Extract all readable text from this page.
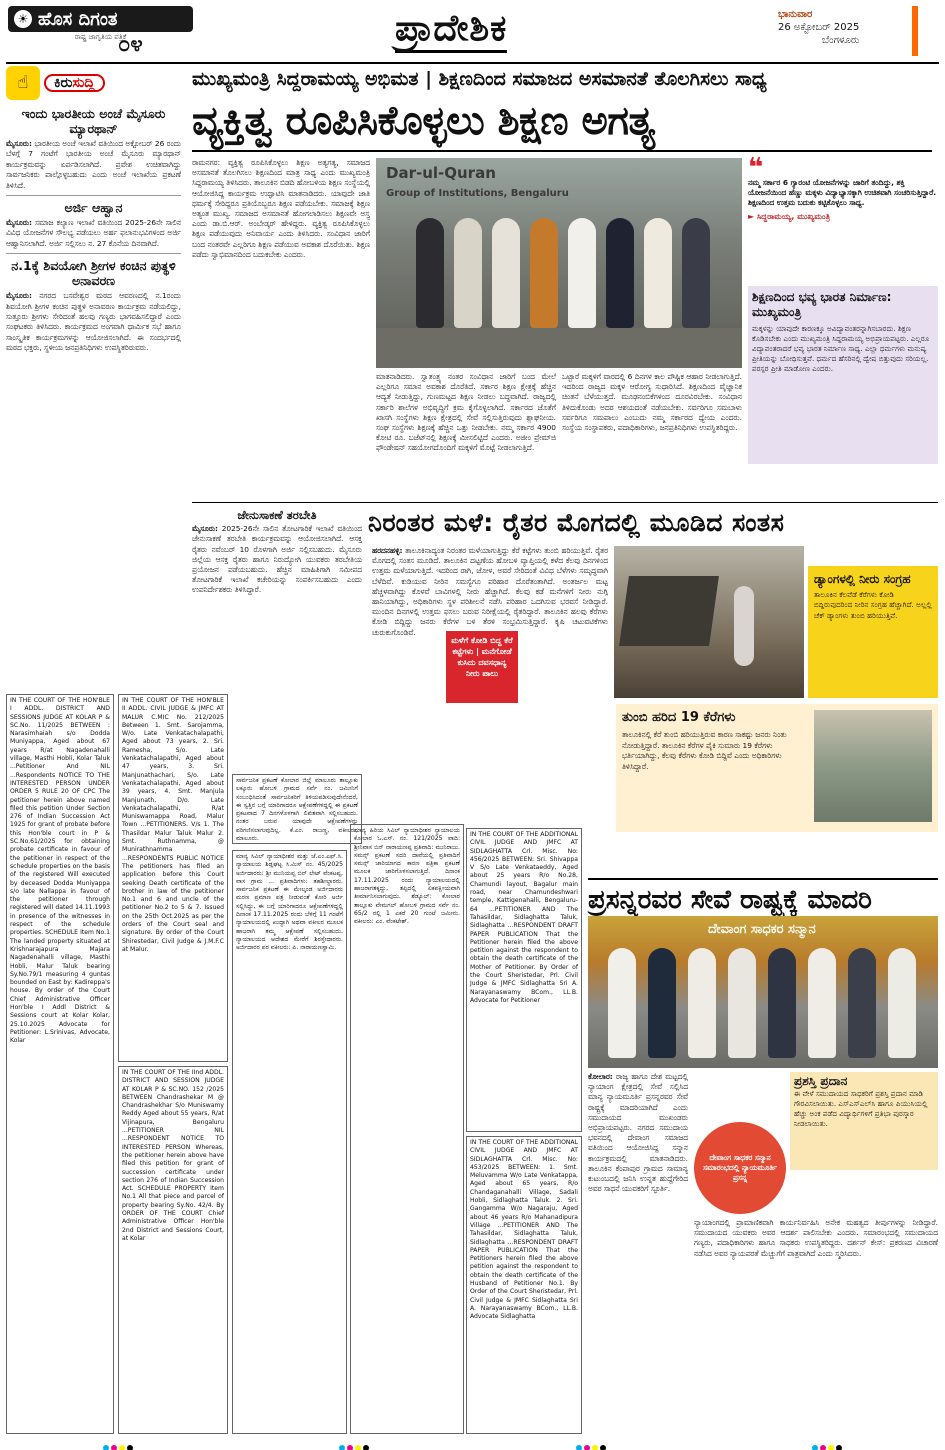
☀ ಹೊಸ ದಿಗಂತ
ರಾಷ್ಟ್ರ ಜಾಗೃತಿಯ ಪತ್ರಿಕೆ
೦೪	ಪ್ರಾದೇಶಿಕ	ಭಾನುವಾರ
26 ಅಕ್ಟೋಬರ್ 2025
ಬೆಂಗಳೂರು
☝	ಕಿರುಸುದ್ದಿ
ಇಂದು ಭಾರತೀಯ ಅಂಚೆ ಮೈಸೂರು ಮ್ಯಾರಥಾನ್
ಮೈಸೂರು: ಭಾರತೀಯ ಅಂಚೆ ಇಲಾಖೆ ವತಿಯಿಂದ ಅಕ್ಟೋಬರ್ 26 ರಂದು ಬೆಳಗ್ಗೆ 7 ಗಂಟೆಗೆ ಭಾರತೀಯ ಅಂಚೆ ಮೈಸೂರು ಮ್ಯಾರಥಾನ್ ಕಾರ್ಯಕ್ರಮವನ್ನು ಏರ್ಪಡಿಸಲಾಗಿದೆ. ಪ್ರವೇಶ ಉಚಿತವಾಗಿದ್ದು ಸಾರ್ವಜನಿಕರು ಪಾಲ್ಗೊಳ್ಳಬಹುದು ಎಂದು ಅಂಚೆ ಇಲಾಖೆಯ ಪ್ರಕಟಣೆ ತಿಳಿಸಿದೆ.
ಅರ್ಜಿ ಆಹ್ವಾನ
ಮೈಸೂರು: ಸಮಾಜ ಕಲ್ಯಾಣ ಇಲಾಖೆ ವತಿಯಿಂದ 2025-26ನೇ ಸಾಲಿನ ವಿವಿಧ ಯೋಜನೆಗಳ ಸೌಲಭ್ಯ ಪಡೆಯಲು ಅರ್ಹ ಫಲಾನುಭವಿಗಳಿಂದ ಅರ್ಜಿ ಆಹ್ವಾನಿಸಲಾಗಿದೆ. ಅರ್ಜಿ ಸಲ್ಲಿಸಲು ನ. 27 ಕೊನೆಯ ದಿನವಾಗಿದೆ.
ನ.1ಕ್ಕೆ ಶಿವಯೋಗಿ ಶ್ರೀಗಳ ಕಂಚಿನ ಪುತ್ಥಳಿ ಅನಾವರಣ
ಮೈಸೂರು: ನಗರದ ಬಸವೇಶ್ವರ ಮಠದ ಆವರಣದಲ್ಲಿ ನ.1ರಂದು ಶಿವಯೋಗಿ ಶ್ರೀಗಳ ಕಂಚಿನ ಪುತ್ಥಳಿ ಅನಾವರಣ ಕಾರ್ಯಕ್ರಮ ನಡೆಯಲಿದ್ದು, ಸುತ್ತೂರು ಶ್ರೀಗಳು ಸೇರಿದಂತೆ ಹಲವು ಗಣ್ಯರು ಭಾಗವಹಿಸಲಿದ್ದಾರೆ ಎಂದು ಸಂಘಟಕರು ತಿಳಿಸಿದರು. ಕಾರ್ಯಕ್ರಮದ ಅಂಗವಾಗಿ ಧಾರ್ಮಿಕ ಸಭೆ ಹಾಗೂ ಸಾಂಸ್ಕೃತಿಕ ಕಾರ್ಯಕ್ರಮಗಳನ್ನು ಆಯೋಜಿಸಲಾಗಿದೆ. ಈ ಸಂದರ್ಭದಲ್ಲಿ ಮಠದ ಭಕ್ತರು, ಸ್ಥಳೀಯ ಜನಪ್ರತಿನಿಧಿಗಳು ಉಪಸ್ಥಿತರಿರುವರು.
ಮುಖ್ಯಮಂತ್ರಿ ಸಿದ್ದರಾಮಯ್ಯ ಅಭಿಮತ | ಶಿಕ್ಷಣದಿಂದ ಸಮಾಜದ ಅಸಮಾನತೆ ತೊಲಗಿಸಲು ಸಾಧ್ಯ
ವ್ಯಕ್ತಿತ್ವ ರೂಪಿಸಿಕೊಳ್ಳಲು ಶಿಕ್ಷಣ ಅಗತ್ಯ
ರಾಮನಗರ: ವ್ಯಕ್ತಿತ್ವ ರೂಪಿಸಿಕೊಳ್ಳಲು ಶಿಕ್ಷಣ ಅತ್ಯಗತ್ಯ, ಸಮಾಜದ ಅಸಮಾನತೆ ತೊಲಗಿಸಲು ಶಿಕ್ಷಣದಿಂದ ಮಾತ್ರ ಸಾಧ್ಯ ಎಂದು ಮುಖ್ಯಮಂತ್ರಿ ಸಿದ್ದರಾಮಯ್ಯ ತಿಳಿಸಿದರು. ತಾಲೂಕಿನ ಬಿಡದಿ ಹೋಬಳಿಯ ಶಿಕ್ಷಣ ಸಂಸ್ಥೆಯಲ್ಲಿ ಆಯೋಜಿಸಿದ್ದ ಕಾರ್ಯಕ್ರಮ ಉದ್ಘಾಟಿಸಿ ಮಾತನಾಡಿದರು. ಯಾವುದೇ ಜಾತಿ ಧರ್ಮಕ್ಕೆ ಸೇರಿದ್ದರೂ ಪ್ರತಿಯೊಬ್ಬರೂ ಶಿಕ್ಷಣ ಪಡೆಯಬೇಕು. ಸಮಾಜಕ್ಕೆ ಶಿಕ್ಷಣ ಅತ್ಯಂತ ಮುಖ್ಯ. ಸಮಾಜದ ಅಸಮಾನತೆ ಹೋಗಲಾಡಿಸಲು ಶಿಕ್ಷಣವೇ ಅಸ್ತ್ರ ಎಂದು ಡಾ.ಬಿ.ಆರ್. ಅಂಬೇಡ್ಕರ್ ಹೇಳಿದ್ದರು. ವ್ಯಕ್ತಿತ್ವ ರೂಪಿಸಿಕೊಳ್ಳಲು ಶಿಕ್ಷಣ ಪಡೆಯುವುದು ಅನಿವಾರ್ಯ ಎಂದು ತಿಳಿಸಿದರು. ಸಂವಿಧಾನ ಜಾರಿಗೆ ಬಂದ ನಂತರವೇ ಎಲ್ಲರಿಗೂ ಶಿಕ್ಷಣ ಪಡೆಯುವ ಅವಕಾಶ ದೊರೆಯಿತು. ಶಿಕ್ಷಣ ಪಡೆದು ಸ್ವಾಭಿಮಾನದಿಂದ ಬದುಕಬೇಕು ಎಂದರು.
Dar-ul-Quran
Group of Institutions, Bengaluru
ಮಾತನಾಡಿದರು. ಸ್ವಾತಂತ್ರ್ಯ ನಂತರ ಸಂವಿಧಾನ ಜಾರಿಗೆ ಬಂದ ಮೇಲೆ ಎಲ್ಲರಿಗೂ ಸಮಾನ ಅವಕಾಶ ದೊರೆತಿದೆ. ಸರ್ಕಾರ ಶಿಕ್ಷಣ ಕ್ಷೇತ್ರಕ್ಕೆ ಹೆಚ್ಚಿನ ಆದ್ಯತೆ ನೀಡುತ್ತಿದ್ದು, ಗುಣಮಟ್ಟದ ಶಿಕ್ಷಣ ನೀಡಲು ಬದ್ಧವಾಗಿದೆ. ರಾಜ್ಯದಲ್ಲಿ ಸರ್ಕಾರಿ ಶಾಲೆಗಳ ಅಭಿವೃದ್ಧಿಗೆ ಕ್ರಮ ಕೈಗೊಳ್ಳಲಾಗಿದೆ. ಸರ್ಕಾರದ ಜೊತೆಗೆ ಖಾಸಗಿ ಸಂಸ್ಥೆಗಳು ಶಿಕ್ಷಣ ಕ್ಷೇತ್ರದಲ್ಲಿ ಸೇವೆ ಸಲ್ಲಿಸುತ್ತಿರುವುದು ಶ್ಲಾಘನೀಯ. ಸಂಘ ಸಂಸ್ಥೆಗಳು ಶಿಕ್ಷಣಕ್ಕೆ ಹೆಚ್ಚಿನ ಒತ್ತು ನೀಡಬೇಕು. ನಮ್ಮ ಸರ್ಕಾರ 4900 ಕೋಟಿ ರೂ. ಬಜೆಟ್‌ನಲ್ಲಿ ಶಿಕ್ಷಣಕ್ಕೆ ಮೀಸಲಿಟ್ಟಿದೆ ಎಂದರು. ಅಜೀಂ ಪ್ರೇಮ್‌ಜಿ ಫೌಂಡೇಷನ್ ಸಹಯೋಗದೊಂದಿಗೆ ಮಕ್ಕಳಿಗೆ ಮೊಟ್ಟೆ ನೀಡಲಾಗುತ್ತಿದೆ.
ಒಟ್ಟಾರೆ ಮಕ್ಕಳಿಗೆ ವಾರದಲ್ಲಿ 6 ದಿನಗಳ ಕಾಲ ಪೌಷ್ಟಿಕ ಆಹಾರ ನೀಡಲಾಗುತ್ತಿದೆ. ಇದರಿಂದ ರಾಜ್ಯದ ಮಕ್ಕಳ ಆರೋಗ್ಯ ಸುಧಾರಿಸಿದೆ. ಶಿಕ್ಷಣದಿಂದ ವೈಜ್ಞಾನಿಕ ಚಿಂತನೆ ಬೆಳೆಯುತ್ತದೆ. ಮೂಢನಂಬಿಕೆಗಳಿಂದ ದೂರವಿರಬೇಕು. ಸಂವಿಧಾನ ತಿಳಿದುಕೊಂಡು ಅದರ ಆಶಯದಂತೆ ನಡೆಯಬೇಕು. ಸರ್ವರಿಗೂ ಸಮಬಾಳು ಸರ್ವರಿಗೂ ಸಮಪಾಲು ಎಂಬುದು ನಮ್ಮ ಸರ್ಕಾರದ ಧ್ಯೇಯ ಎಂದರು. ಸಂಸ್ಥೆಯ ಸಂಸ್ಥಾಪಕರು, ಪದಾಧಿಕಾರಿಗಳು, ಜನಪ್ರತಿನಿಧಿಗಳು ಉಪಸ್ಥಿತರಿದ್ದರು.
❝
ನಮ್ಮ ಸರ್ಕಾರ 6 ಗ್ಯಾರಂಟಿ ಯೋಜನೆಗಳನ್ನು ಜಾರಿಗೆ ತಂದಿದ್ದು, ಶಕ್ತಿ ಯೋಜನೆಯಿಂದ ಹೆಣ್ಣು ಮಕ್ಕಳು ವಿದ್ಯಾಭ್ಯಾಸಕ್ಕಾಗಿ ಉಚಿತವಾಗಿ ಸಂಚರಿಸುತ್ತಿದ್ದಾರೆ. ಶಿಕ್ಷಣದಿಂದ ಉತ್ತಮ ಬದುಕು ಕಟ್ಟಿಕೊಳ್ಳಲು ಸಾಧ್ಯ.
► ಸಿದ್ದರಾಮಯ್ಯ, ಮುಖ್ಯಮಂತ್ರಿ
ಶಿಕ್ಷಣದಿಂದ ಭವ್ಯ ಭಾರತ ನಿರ್ಮಾಣ: ಮುಖ್ಯಮಂತ್ರಿ
ಮಕ್ಕಳನ್ನು ಯಾವುದೇ ಕಾರಣಕ್ಕೂ ಅವಿದ್ಯಾವಂತರನ್ನಾಗಿಸಬಾರದು. ಶಿಕ್ಷಣ ಕೊಡಿಸಬೇಕು ಎಂದು ಮುಖ್ಯಮಂತ್ರಿ ಸಿದ್ದರಾಮಯ್ಯ ಅಭಿಪ್ರಾಯಪಟ್ಟರು. ಎಲ್ಲರೂ ವಿದ್ಯಾವಂತರಾದರೆ ಭವ್ಯ ಭಾರತ ನಿರ್ಮಾಣ ಸಾಧ್ಯ. ಎಲ್ಲಾ ಧರ್ಮಗಳು ಮನುಷ್ಯ ಪ್ರೀತಿಯನ್ನು ಬೋಧಿಸುತ್ತವೆ. ಧರ್ಮದ ಹೆಸರಿನಲ್ಲಿ ದ್ವೇಷ ಬಿತ್ತುವುದು ಸರಿಯಲ್ಲ. ಪರಸ್ಪರ ಪ್ರೀತಿ ಮಾಡೋಣ ಎಂದರು.
ಜೇನುಸಾಕಣೆ ತರಬೇತಿ
ಮೈಸೂರು: 2025-26ನೇ ಸಾಲಿನ ತೋಟಗಾರಿಕೆ ಇಲಾಖೆ ವತಿಯಿಂದ ಜೇನುಸಾಕಣೆ ತರಬೇತಿ ಕಾರ್ಯಕ್ರಮವನ್ನು ಆಯೋಜಿಸಲಾಗಿದೆ. ಆಸಕ್ತ ರೈತರು ನವೆಂಬರ್ 10 ರೊಳಗಾಗಿ ಅರ್ಜಿ ಸಲ್ಲಿಸಬಹುದು. ಮೈಸೂರು ಜಿಲ್ಲೆಯ ಆಸಕ್ತ ರೈತರು ಹಾಗೂ ನಿರುದ್ಯೋಗಿ ಯುವಕರು ತರಬೇತಿಯ ಪ್ರಯೋಜನ ಪಡೆಯಬಹುದು. ಹೆಚ್ಚಿನ ಮಾಹಿತಿಗಾಗಿ ಸಮೀಪದ ತೋಟಗಾರಿಕೆ ಇಲಾಖೆ ಕಚೇರಿಯನ್ನು ಸಂಪರ್ಕಿಸಬಹುದು ಎಂದು ಉಪನಿರ್ದೇಶಕರು ತಿಳಿಸಿದ್ದಾರೆ.
ನಿರಂತರ ಮಳೆ: ರೈತರ ಮೊಗದಲ್ಲಿ ಮೂಡಿದ ಸಂತಸ
ಹರದನಹಳ್ಳಿ: ತಾಲೂಕಿನಾದ್ಯಂತ ನಿರಂತರ ಮಳೆಯಾಗುತ್ತಿದ್ದು ಕೆರೆ ಕಟ್ಟೆಗಳು ತುಂಬಿ ಹರಿಯುತ್ತಿವೆ. ರೈತರ ಮೊಗದಲ್ಲಿ ಸಂತಸ ಮೂಡಿದೆ. ತಾಲೂಕಿನ ದಟ್ಟಣೆಯ ಹೋಬಳಿ ವ್ಯಾಪ್ತಿಯಲ್ಲಿ ಕಳೆದ ಕೆಲವು ದಿನಗಳಿಂದ ಉತ್ತಮ ಮಳೆಯಾಗುತ್ತಿದೆ. ಇದರಿಂದ ರಾಗಿ, ಜೋಳ, ಅವರೆ ಸೇರಿದಂತೆ ವಿವಿಧ ಬೆಳೆಗಳು ಸಮೃದ್ಧವಾಗಿ ಬೆಳೆದಿವೆ. ಕುಡಿಯುವ ನೀರಿನ ಸಮಸ್ಯೆಗೂ ಪರಿಹಾರ ದೊರೆತಂತಾಗಿದೆ. ಅಂತರ್ಜಲ ಮಟ್ಟ ಹೆಚ್ಚಳವಾಗಿದ್ದು ಕೊಳವೆ ಬಾವಿಗಳಲ್ಲಿ ನೀರು ಹೆಚ್ಚಾಗಿದೆ. ಕೆಲವು ಕಡೆ ಮನೆಗಳಿಗೆ ನೀರು ನುಗ್ಗಿ ಹಾನಿಯಾಗಿದ್ದು, ಅಧಿಕಾರಿಗಳು ಸ್ಥಳ ಪರಿಶೀಲನೆ ನಡೆಸಿ ಪರಿಹಾರ ಒದಗಿಸುವ ಭರವಸೆ ನೀಡಿದ್ದಾರೆ. ಮುಂದಿನ ದಿನಗಳಲ್ಲಿ ಉತ್ತಮ ಫಸಲು ಬರುವ ನಿರೀಕ್ಷೆಯಲ್ಲಿ ರೈತರಿದ್ದಾರೆ. ತಾಲೂಕಿನ ಹಲವು ಕೆರೆಗಳು ಕೋಡಿ ಬಿದ್ದಿದ್ದು ಜನರು ಕೆರೆಗಳ ಬಳಿ ತೆರಳಿ ಸಂಭ್ರಮಿಸುತ್ತಿದ್ದಾರೆ. ಕೃಷಿ ಚಟುವಟಿಕೆಗಳು ಚುರುಕುಗೊಂಡಿವೆ.
ಮಳೆಗೆ ಕೋಡಿ ಬಿದ್ದ ಕೆರೆ ಕಟ್ಟೆಗಳು | ಮನೆಗೋಡೆ ಕುಸಿದು ದವಸಧಾನ್ಯ ನೀರು ಪಾಲು
ಡ್ಯಾಂಗಳಲ್ಲಿ ನೀರು ಸಂಗ್ರಹ
ತಾಲೂಕಿನ ಕೆಲವೆಡೆ ಕೆರೆಗಳು ಕೋಡಿ ಬಿದ್ದಿರುವುದರಿಂದ ನೀರಿನ ಸಂಗ್ರಹ ಹೆಚ್ಚಾಗಿದೆ. ಅಲ್ಲಲ್ಲಿ ಚೆಕ್ ಡ್ಯಾಂಗಳು ತುಂಬಿ ಹರಿಯುತ್ತಿವೆ.
ತುಂಬಿ ಹರಿದ 19 ಕೆರೆಗಳು
ತಾಲೂಕಿನಲ್ಲಿ ಕೆರೆ ತುಂಬಿ ಹರಿಯುತ್ತಿರುವ ಕಾರಣ ಸಾಕಷ್ಟು ಜನರು ನಿಂತು ನೋಡುತ್ತಿದ್ದಾರೆ. ತಾಲೂಕಿನ ಕೆರೆಗಳ ಪೈಕಿ ಸುಮಾರು 19 ಕೆರೆಗಳು ಭರ್ತಿಯಾಗಿದ್ದು, ಕೆಲವು ಕೆರೆಗಳು ಕೋಡಿ ಬಿದ್ದಿವೆ ಎಂದು ಅಧಿಕಾರಿಗಳು ತಿಳಿಸಿದ್ದಾರೆ.
IN THE COURT OF THE HON'BLE I ADDL. DISTRICT AND SESSIONS JUDGE AT KOLAR P & SC.No. 11/2025 BETWEEN : Narasimhaiah s/o Dodda Muniyappa, Aged about 67 years R/at Nagadenahalli village, Masthi Hobli, Kolar Taluk ...Petitioner And NIL ...Respondents NOTICE TO THE INTERESTED PERSON UNDER ORDER 5 RULE 20 OF CPC The petitioner herein above named filed this petition Under Section 276 of Indian Succession Act 1925 for grant of probate before this Hon'ble court in P & SC.No.61/2025 for obtaining probate certificate in favour of the petitioner in respect of the schedule properties on the basis of the registered Will executed by deceased Dodda Muniyappa s/o late Nallappa in favour of the petitioner through registered will dated 14.11.1993 in presence of the witnesses in respect of the schedule properties. SCHEDULE Item No.1 The landed property situated at Krishnarajapura Majara Nagadenahalli village, Masthi Hobli, Malur Taluk bearing Sy.No.79/1 measuring 4 guntas bounded on East by: Kadireppa's house. By order of the Court Chief Administrative Officer Hon'ble I Addl District & Sessions court at Kolar Kolar, 25.10.2025 Advocate for Petitioner: L.Srinivas, Advocate, Kolar
IN THE COURT OF THE HON'BLE II ADDL. CIVIL JUDGE & JMFC AT MALUR C.MIC No. 212/2025 Between 1. Smt. Sarojamma, W/o. Late Venkatachalapathi, Aged about 73 years, 2. Sri. Ramesha, S/o. Late Venkatachalapathi, Aged about 47 years, 3. Sri. Manjunathachari, S/o. Late Venkatachalapathi, Aged about 39 years, 4. Smt. Manjula Manjunath, D/o. Late Venkatachalapathi, R/at Muniswamappa Road, Malur Town ...PETITIONERS. V/s 1. The Thasildar Malur Taluk Malur 2. Smt. Ruthnamma, @ Munirathnamma ...RESPONDENTS PUBLIC NOTICE The petitioners has filed an application before this Court seeking Death certificate of the brother in law of the petitioner No.1 and 6 and uncle of the petitioner No.2 to 5 & 7. Issued on the 25th Oct.2025 as per the orders of the Court seal and signature. By order of the Court Shirestedar, Civil Judge & J.M.F.C at Malur.
IN THE COURT OF THE IInd ADDL. DISTRICT AND SESSION JUDGE AT KOLAR P & SC.NO. 152 /2025 BETWEEN Chandrashekar M @ Chandrashekhar S/o Muniswamy Reddy Aged about 55 years, R/at Vijinapura, Bengaluru ...PETITIONER NIL ...RESPONDENT NOTICE TO INTERESTED PERSON Whereas, the petitioner herein above have filed this petition for grant of succession certificate under section 276 of Indian Succession Act. SCHEDULE PROPERTY Item No.1 All that piece and parcel of property bearing Sy.No. 42/4. By ORDER OF THE COURT Chief Administrative Officer Hon'ble 2nd District and Sessions Court, at Kolar
ಸಾರ್ವಜನಿಕ ಪ್ರಕಟಣೆ ಕೋಲಾರ ಜಿಲ್ಲೆ ಮಾಲೂರು ತಾಲ್ಲೂಕು ಲಕ್ಕೂರು ಹೋಬಳಿ ಗ್ರಾಮದ ಸರ್ವೆ ನಂ. ಜಮೀನಿಗೆ ಸಂಬಂಧಿಸಿದಂತೆ ಸಾರ್ವಜನಿಕರಿಗೆ ತಿಳಿಯಪಡಿಸುವುದೇನೆಂದರೆ, ಈ ಸ್ವತ್ತಿನ ಬಗ್ಗೆ ಯಾರಿಗಾದರೂ ಆಕ್ಷೇಪಣೆಗಳಿದ್ದಲ್ಲಿ ಈ ಪ್ರಕಟಣೆ ಪ್ರಕಟವಾದ 7 ದಿನಗಳೊಳಗಾಗಿ ಲಿಖಿತವಾಗಿ ಸಲ್ಲಿಸಬಹುದು. ನಂತರ ಬರುವ ಯಾವುದೇ ಆಕ್ಷೇಪಣೆಗಳನ್ನು ಪರಿಗಣಿಸಲಾಗುವುದಿಲ್ಲ. ಕೆ.ಎಂ. ರಾಜಣ್ಣ, ವಕೀಲರು, ಮಾಲೂರು.
ಮಾನ್ಯ ಸಿವಿಲ್ ನ್ಯಾಯಾಧೀಶರ ಮತ್ತು ಜೆ.ಎಂ.ಎಫ್.ಸಿ. ನ್ಯಾಯಾಲಯ ಶಿಡ್ಲಘಟ್ಟ ಸಿ.ಮಿಸ್ ನಂ. 45/2025 ಅರ್ಜಿದಾರರು: ಶ್ರೀ ಮುನಿಯಪ್ಪ ಬಿನ್ ಲೇಟ್ ವೆಂಕಟಪ್ಪ, ವಾಸ ಗ್ರಾಮ ... ಪ್ರತಿವಾದಿಗಳು: ತಹಶೀಲ್ದಾರರು. ಸಾರ್ವಜನಿಕ ಪ್ರಕಟಣೆ ಈ ಮೇಲ್ಕಂಡ ಅರ್ಜಿದಾರರು ಮರಣ ಪ್ರಮಾಣ ಪತ್ರ ನೀಡುವಂತೆ ಕೋರಿ ಅರ್ಜಿ ಸಲ್ಲಿಸಿದ್ದು, ಈ ಬಗ್ಗೆ ಯಾರಿಗಾದರೂ ಆಕ್ಷೇಪಣೆಗಳಿದ್ದಲ್ಲಿ ದಿನಾಂಕ 17.11.2025 ರಂದು ಬೆಳಿಗ್ಗೆ 11 ಗಂಟೆಗೆ ನ್ಯಾಯಾಲಯದಲ್ಲಿ ಖುದ್ದಾಗಿ ಅಥವಾ ವಕೀಲರ ಮೂಲಕ ಹಾಜರಾಗಿ ತಮ್ಮ ಆಕ್ಷೇಪಣೆ ಸಲ್ಲಿಸಬಹುದು. ನ್ಯಾಯಾಲಯದ ಆದೇಶದ ಮೇರೆಗೆ ಶಿರಸ್ತೇದಾರರು. ಅರ್ಜಿದಾರರ ಪರ ವಕೀಲರು: ಪಿ. ನಾರಾಯಣಸ್ವಾಮಿ.
ಮಾನ್ಯ ಹಿರಿಯ ಸಿವಿಲ್ ನ್ಯಾಯಾಧೀಶರ ನ್ಯಾಯಾಲಯ ಕೋಲಾರ ಓ.ಎಸ್. ನಂ. 121/2025 ವಾದಿ: ಶ್ರೀನಿವಾಸ ಬಿನ್ ನಾರಾಯಣಪ್ಪ ಪ್ರತಿವಾದಿ: ಮುನಿರಾಜು. ಸಮನ್ಸ್ ಪ್ರಕಟಣೆ ಸದರಿ ದಾವೆಯಲ್ಲಿ ಪ್ರತಿವಾದಿಗೆ ಸಮನ್ಸ್ ಜಾರಿಯಾಗದ ಕಾರಣ ಪತ್ರಿಕಾ ಪ್ರಕಟಣೆ ಮೂಲಕ ಜಾರಿಗೊಳಿಸಲಾಗುತ್ತಿದೆ. ದಿನಾಂಕ 17.11.2025 ರಂದು ನ್ಯಾಯಾಲಯದಲ್ಲಿ ಹಾಜರಾಗತಕ್ಕದ್ದು, ತಪ್ಪಿದಲ್ಲಿ ಏಕಪಕ್ಷೀಯವಾಗಿ ತೀರ್ಮಾನಿಸಲಾಗುವುದು. ಶೆಡ್ಯೂಲ್: ಕೋಲಾರ ತಾಲ್ಲೂಕು ವೇಮಗಲ್ ಹೋಬಳಿ ಗ್ರಾಮದ ಸರ್ವೆ ನಂ. 65/2 ರಲ್ಲಿ 1 ಎಕರೆ 20 ಗುಂಟೆ ಜಮೀನು. ವಕೀಲರು: ಎಂ. ವೆಂಕಟೇಶ್.
IN THE COURT OF THE ADDITIONAL CIVIL JUDGE AND JMFC AT SIDLAGHATTA Crl. Misc. No: 456/2025 BETWEEN: Sri. Shivappa V S/o Late Venkataeddy, Aged about 25 years R/o No.28, Chamundi layout, Bagalur main road, near Chamundeshwari temple, Kattigenahalli, Bengaluru-64 ...PETITIONER AND The Tahasildar, Sidlaghatta Taluk, Sidlaghatta ...RESPONDENT DRAFT PAPER PUBLICATION That the Petitioner herein filed the above petition against the respondent to obtain the death certificate of the Mother of Petitioner. By Order of the Court Sheristedar, Prl. Civil Judge & JMFC Sidlaghatta Sri A. Narayanaswamy BCom., LL.B. Advocate for Petitioner
IN THE COURT OF THE ADDITIONAL CIVIL JUDGE AND JMFC AT SIDLAGHATTA Crl. Misc. No: 453/2025 BETWEEN: 1. Smt. Meluvamma W/o Late Venkatappa, Aged about 65 years, R/o Chandaganahalli Village, Sadali Hobli, Sidlaghatta Taluk. 2. Sri. Gangamma W/o Nagaraju, Aged about 46 years R/o Mahanadipura Village ...PETITIONER AND The Tahasildar, Sidlaghatta Taluk, Sidlaghatta ...RESPONDENT DRAFT PAPER PUBLICATION That the Petitioners herein filed the above petition against the respondent to obtain the death certificate of the Husband of Petitioner No.1. By Order of the Court Sheristedar, Prl. Civil Judge & JMFC Sidlaghatta Sri A. Narayanaswamy BCom., LL.B. Advocate Sidlaghatta
ಪ್ರಸನ್ನರವರ ಸೇವೆ ರಾಷ್ಟ್ರಕ್ಕೆ ಮಾದರಿ
ದೇವಾಂಗ ಸಾಧಕರ ಸನ್ಮಾನ
ಕೋಲಾರ: ರಾಜ್ಯ ಹಾಗೂ ದೇಶ ಮಟ್ಟದಲ್ಲಿ ನ್ಯಾಯಾಂಗ ಕ್ಷೇತ್ರದಲ್ಲಿ ಸೇವೆ ಸಲ್ಲಿಸಿದ ಮಾನ್ಯ ನ್ಯಾಯಮೂರ್ತಿ ಪ್ರಸನ್ನರವರ ಸೇವೆ ರಾಷ್ಟ್ರಕ್ಕೆ ಮಾದರಿಯಾಗಿದೆ ಎಂದು ಸಮುದಾಯದ ಮುಖಂಡರು ಅಭಿಪ್ರಾಯಪಟ್ಟರು. ನಗರದ ಸಮುದಾಯ ಭವನದಲ್ಲಿ ದೇವಾಂಗ ಸಮಾಜದ ವತಿಯಿಂದ ಆಯೋಜಿಸಿದ್ದ ಸನ್ಮಾನ ಕಾರ್ಯಕ್ರಮದಲ್ಲಿ ಮಾತನಾಡಿದರು. ತಾಲೂಕಿನ ಕೆಂಪಾಪುರ ಗ್ರಾಮದ ಸಾಮಾನ್ಯ ಕುಟುಂಬದಲ್ಲಿ ಜನಿಸಿ ಉನ್ನತ ಹುದ್ದೆಗೇರಿದ ಅವರ ಸಾಧನೆ ಯುವಕರಿಗೆ ಸ್ಫೂರ್ತಿ.
ದೇವಾಂಗ ಸಾಧಕರ ಸನ್ಮಾನ ಸಮಾರಂಭದಲ್ಲಿ ನ್ಯಾಯಮೂರ್ತಿ ಪ್ರಸನ್ನ
ಪ್ರಶಸ್ತಿ ಪ್ರದಾನ
ಈ ವೇಳೆ ಸಮುದಾಯದ ಸಾಧಕರಿಗೆ ಪ್ರಶಸ್ತಿ ಪ್ರದಾನ ಮಾಡಿ ಗೌರವಿಸಲಾಯಿತು. ಎಸ್‌ಎಸ್‌ಎಲ್‌ಸಿ ಹಾಗೂ ಪಿಯುಸಿಯಲ್ಲಿ ಹೆಚ್ಚು ಅಂಕ ಪಡೆದ ವಿದ್ಯಾರ್ಥಿಗಳಿಗೆ ಪ್ರತಿಭಾ ಪುರಸ್ಕಾರ ನೀಡಲಾಯಿತು.
ನ್ಯಾಯಾಂಗದಲ್ಲಿ ಪ್ರಾಮಾಣಿಕವಾಗಿ ಕಾರ್ಯನಿರ್ವಹಿಸಿ ಅನೇಕ ಮಹತ್ವದ ತೀರ್ಪುಗಳನ್ನು ನೀಡಿದ್ದಾರೆ. ಸಮುದಾಯದ ಯುವಕರು ಅವರ ಆದರ್ಶ ಪಾಲಿಸಬೇಕು ಎಂದರು. ಸಮಾರಂಭದಲ್ಲಿ ಸಮುದಾಯದ ಗಣ್ಯರು, ಪದಾಧಿಕಾರಿಗಳು ಹಾಗೂ ಸಾಧಕರು ಉಪಸ್ಥಿತರಿದ್ದರು. ದರ್ಶನ್ ಕೇಸ್: ಪ್ರಕರಣದ ವಿಚಾರಣೆ ನಡೆಸಿದ ಅವರ ನ್ಯಾಯಪರತೆ ಮೆಚ್ಚುಗೆಗೆ ಪಾತ್ರವಾಗಿದೆ ಎಂದು ಸ್ಮರಿಸಿದರು.
